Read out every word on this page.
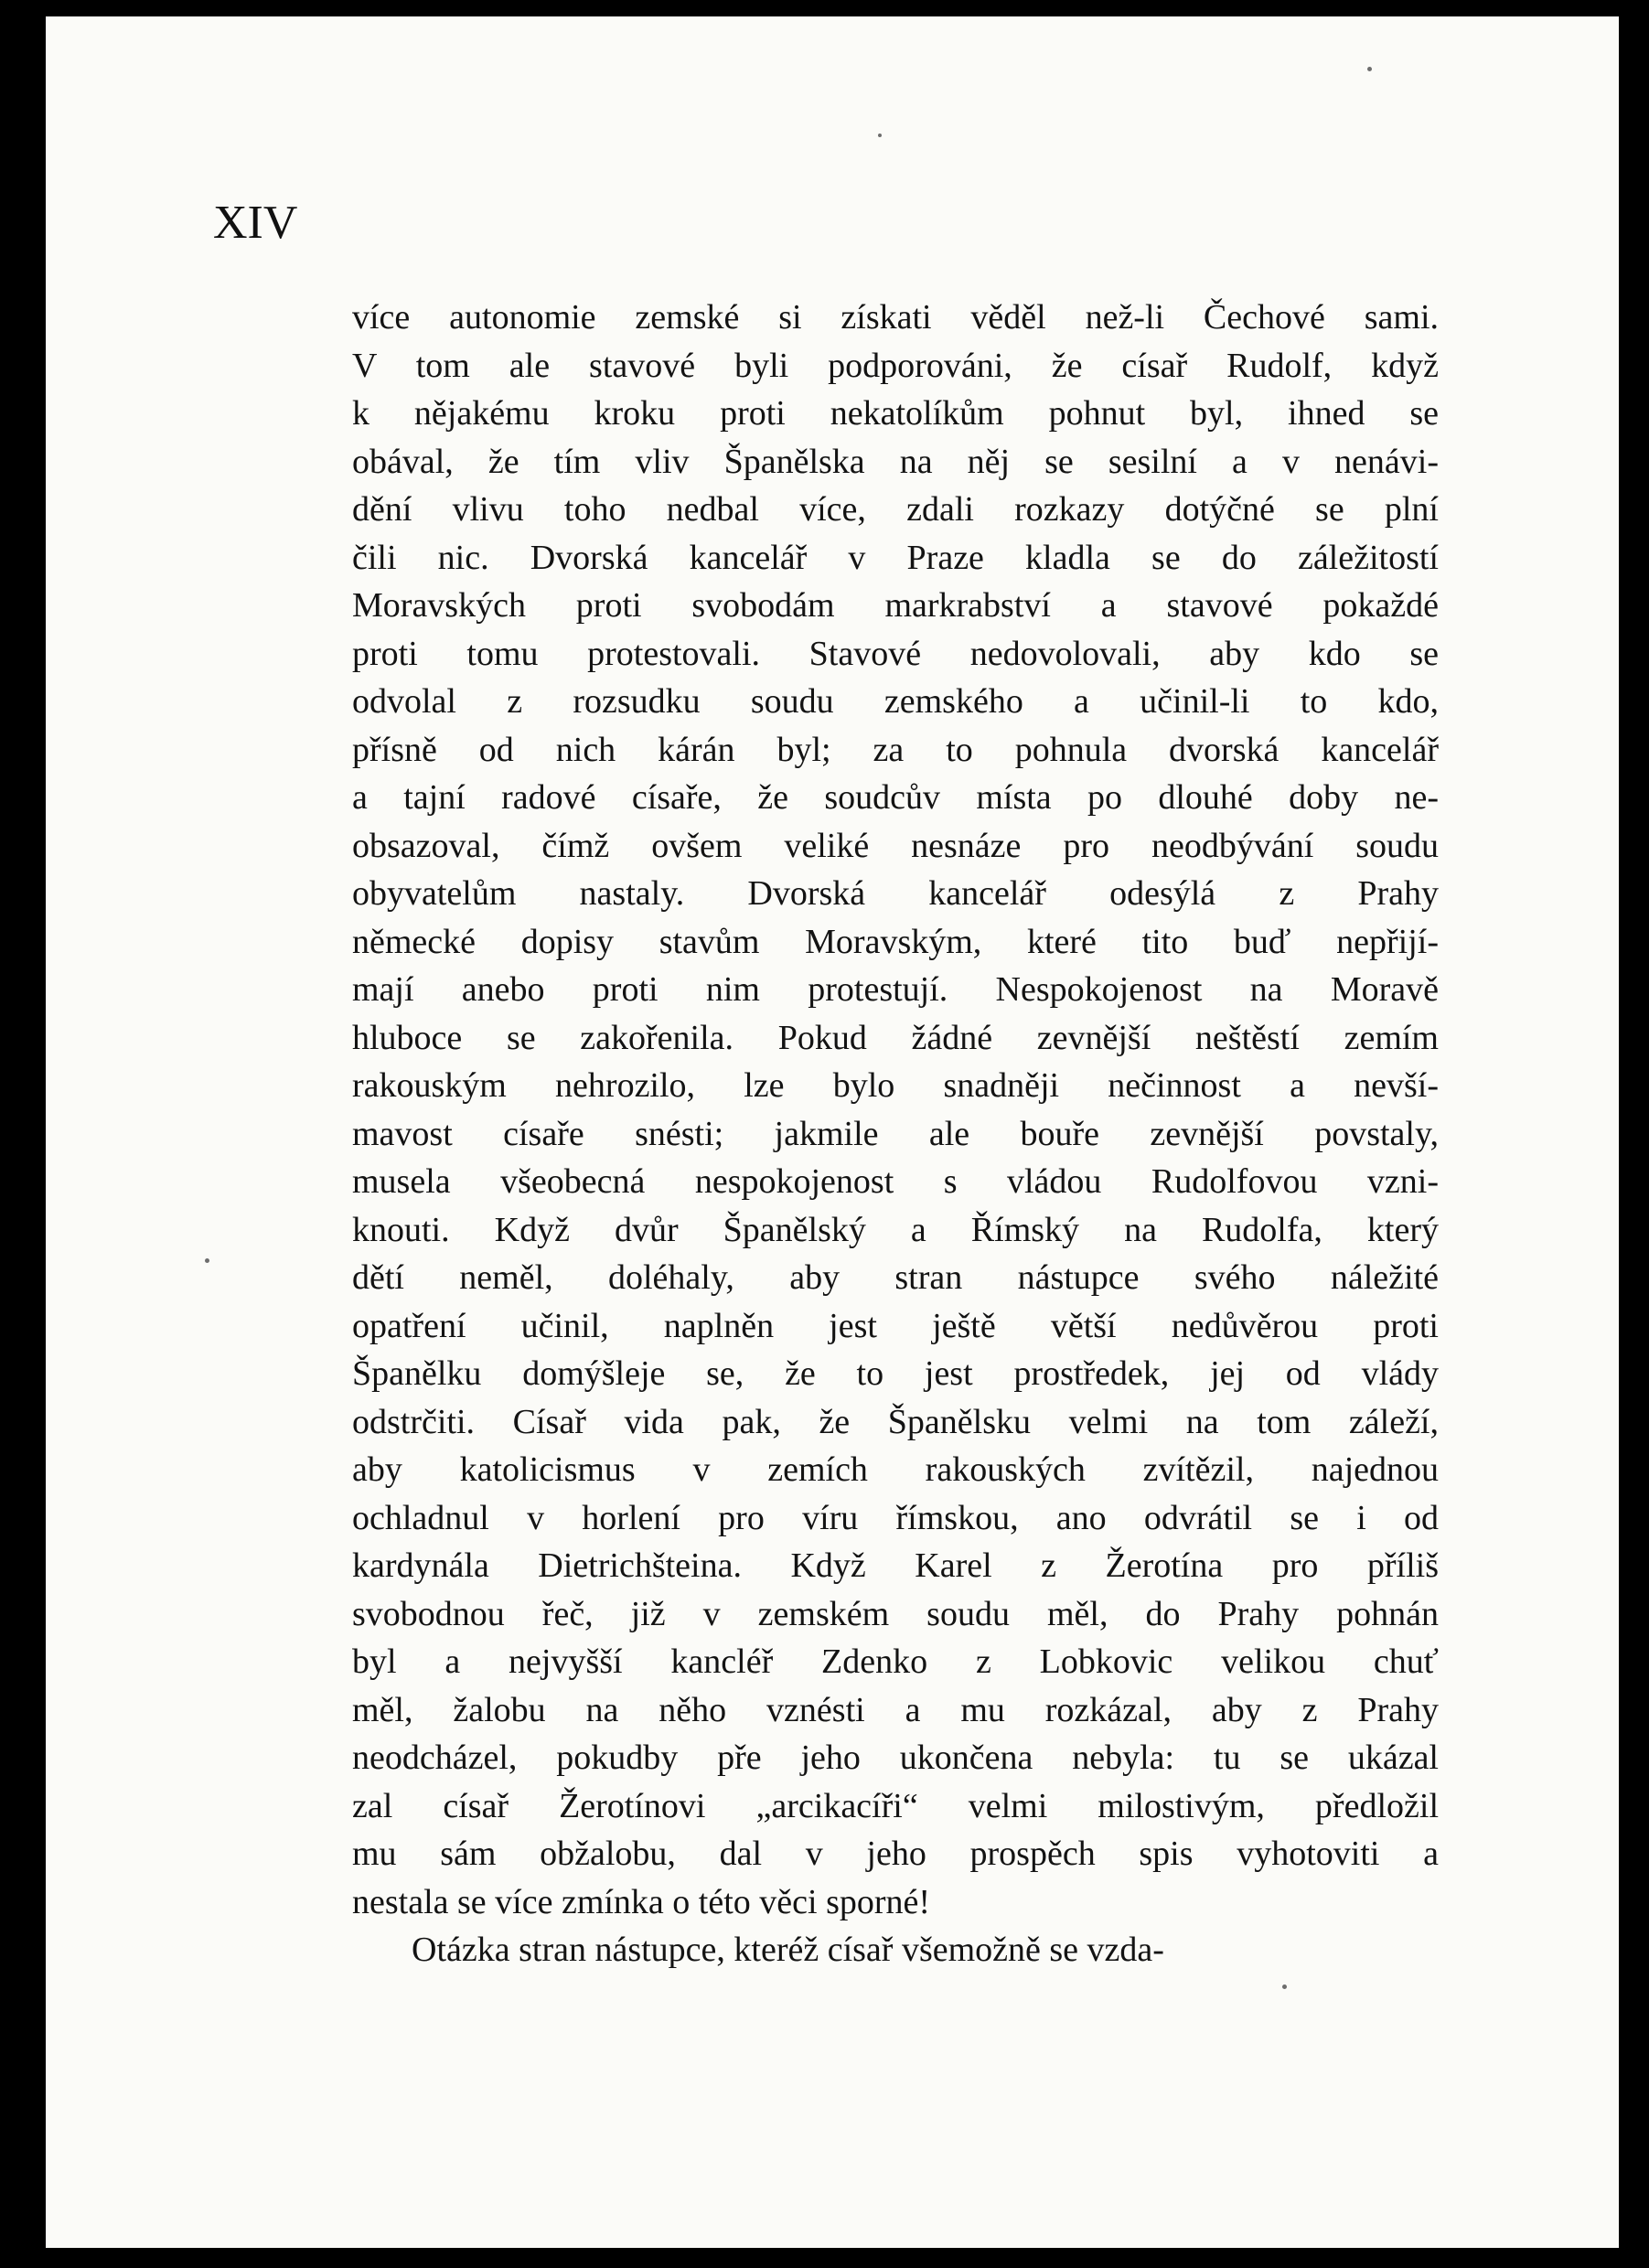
XIV
více autonomie zemské si získati věděl než-li Čechové sami.
V tom ale stavové byli podporováni, že císař Rudolf, když
k nějakému kroku proti nekatolíkům pohnut byl, ihned se
obával, že tím vliv Španělska na něj se sesilní a v nenávi-
dění vlivu toho nedbal více, zdali rozkazy dotýčné se plní
čili nic. Dvorská kancelář v Praze kladla se do záležitostí
Moravských proti svobodám markrabství a stavové pokaždé
proti tomu protestovali. Stavové nedovolovali, aby kdo se
odvolal z rozsudku soudu zemského a učinil-li to kdo,
přísně od nich kárán byl; za to pohnula dvorská kancelář
a tajní radové císaře, že soudcův místa po dlouhé doby ne-
obsazoval, čímž ovšem veliké nesnáze pro neodbývání soudu
obyvatelům nastaly. Dvorská kancelář odesýlá z Prahy
německé dopisy stavům Moravským, které tito buď nepřijí-
mají anebo proti nim protestují. Nespokojenost na Moravě
hluboce se zakořenila. Pokud žádné zevnější neštěstí zemím
rakouským nehrozilo, lze bylo snadněji nečinnost a nevší-
mavost císaře snésti; jakmile ale bouře zevnější povstaly,
musela všeobecná nespokojenost s vládou Rudolfovou vzni-
knouti. Když dvůr Španělský a Římský na Rudolfa, který
dětí neměl, doléhaly, aby stran nástupce svého náležité
opatření učinil, naplněn jest ještě větší nedůvěrou proti
Španělku domýšleje se, že to jest prostředek, jej od vlády
odstrčiti. Císař vida pak, že Španělsku velmi na tom záleží,
aby katolicismus v zemích rakouských zvítězil, najednou
ochladnul v horlení pro víru římskou, ano odvrátil se i od
kardynála Dietrichšteina. Když Karel z Žerotína pro příliš
svobodnou řeč, již v zemském soudu měl, do Prahy pohnán
byl a nejvyšší kancléř Zdenko z Lobkovic velikou chuť
měl, žalobu na něho vznésti a mu rozkázal, aby z Prahy
neodcházel, pokudby pře jeho ukončena nebyla: tu se ukázal
zal císař Žerotínovi „arcikacíři“ velmi milostivým, předložil
mu sám obžalobu, dal v jeho prospěch spis vyhotoviti a
nestala se více zmínka o této věci sporné!
Otázka stran nástupce, kteréž císař všemožně se vzda-
